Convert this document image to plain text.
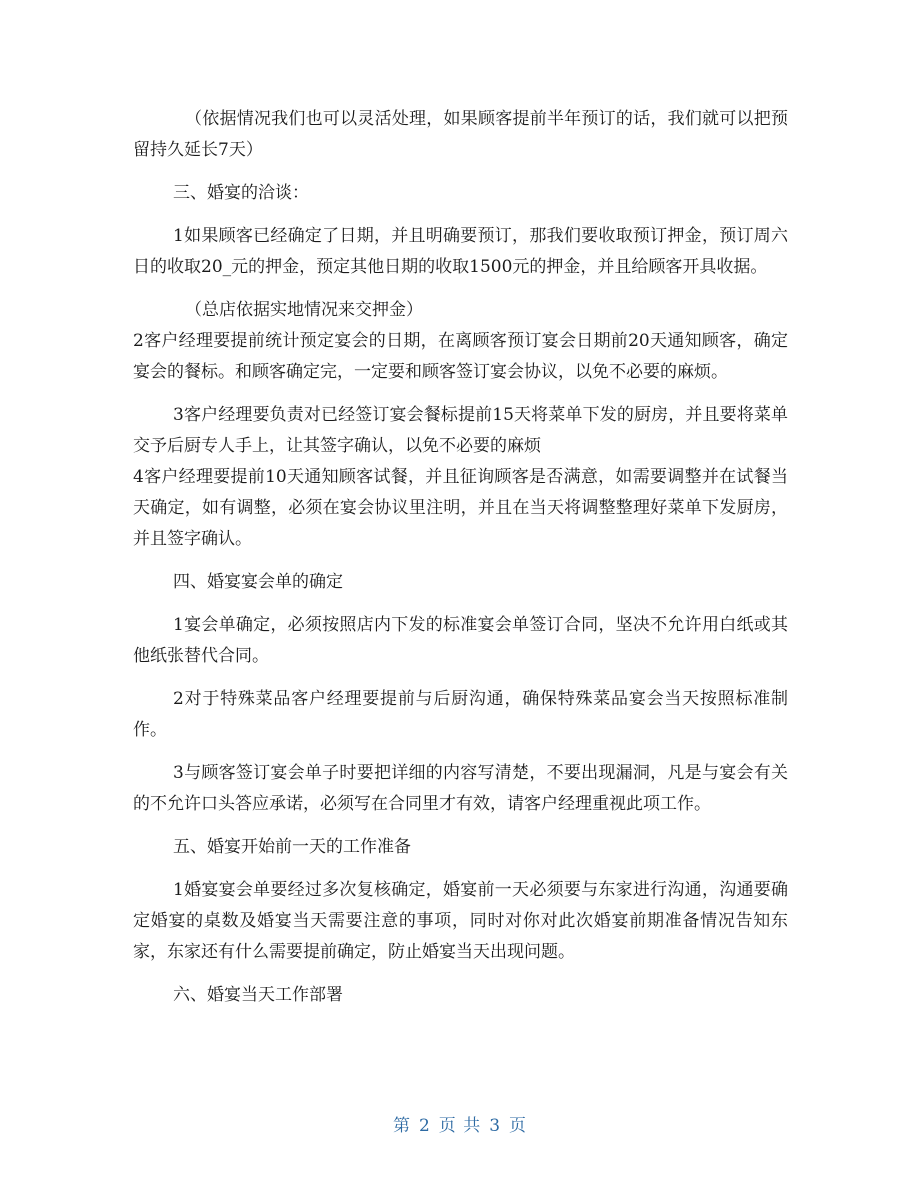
（依据情况我们也可以灵活处理，如果顾客提前半年预订的话，我们就可以把预留持久延长7天）

三、婚宴的洽谈：

1如果顾客已经确定了日期，并且明确要预订，那我们要收取预订押金，预订周六日的收取20_元的押金，预定其他日期的收取1500元的押金，并且给顾客开具收据。

（总店依据实地情况来交押金）

2客户经理要提前统计预定宴会的日期，在离顾客预订宴会日期前20天通知顾客，确定宴会的餐标。和顾客确定完，一定要和顾客签订宴会协议，以免不必要的麻烦。

3客户经理要负责对已经签订宴会餐标提前15天将菜单下发的厨房，并且要将菜单交予后厨专人手上，让其签字确认，以免不必要的麻烦

4客户经理要提前10天通知顾客试餐，并且征询顾客是否满意，如需要调整并在试餐当天确定，如有调整，必须在宴会协议里注明，并且在当天将调整整理好菜单下发厨房，并且签字确认。

四、婚宴宴会单的确定

1宴会单确定，必须按照店内下发的标准宴会单签订合同，坚决不允许用白纸或其他纸张替代合同。

2对于特殊菜品客户经理要提前与后厨沟通，确保特殊菜品宴会当天按照标准制作。

3与顾客签订宴会单子时要把详细的内容写清楚，不要出现漏洞，凡是与宴会有关的不允许口头答应承诺，必须写在合同里才有效，请客户经理重视此项工作。

五、婚宴开始前一天的工作准备

1婚宴宴会单要经过多次复核确定，婚宴前一天必须要与东家进行沟通，沟通要确定婚宴的桌数及婚宴当天需要注意的事项，同时对你对此次婚宴前期准备情况告知东家，东家还有什么需要提前确定，防止婚宴当天出现问题。

六、婚宴当天工作部署

第 2 页 共 3 页
